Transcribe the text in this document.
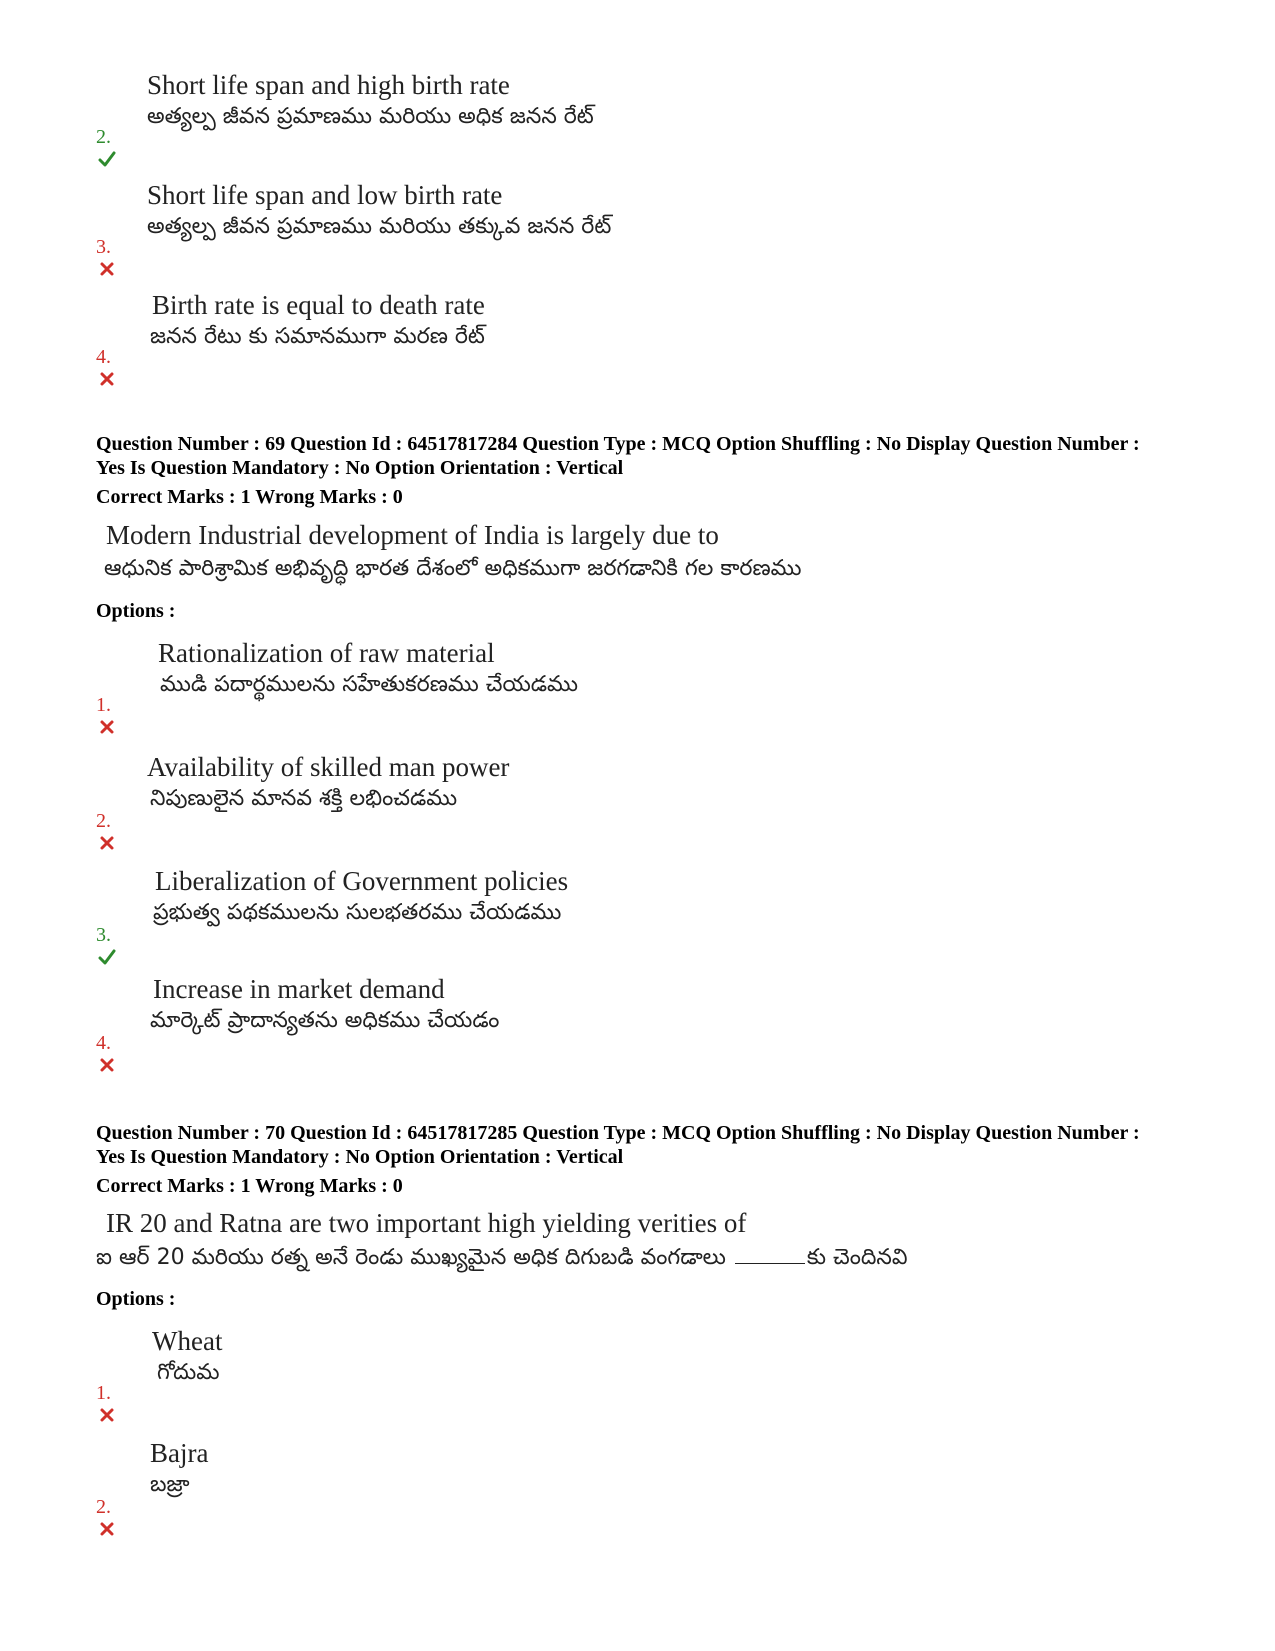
Short life span and high birth rate
అత్యల్ప జీవన ప్రమాణము మరియు అధిక జనన రేట్
2.
Short life span and low birth rate
అత్యల్ప జీవన ప్రమాణము మరియు తక్కువ జనన రేట్
3.
Birth rate is equal to death rate
జనన రేటు కు సమానముగా మరణ రేట్
4.
Question Number : 69 Question Id : 64517817284 Question Type : MCQ Option Shuffling : No Display Question Number :
Yes Is Question Mandatory : No Option Orientation : Vertical
Correct Marks : 1 Wrong Marks : 0
Modern Industrial development of India is largely due to
ఆధునిక పారిశ్రామిక అభివృద్ధి భారత దేశంలో అధికముగా జరగడానికి గల కారణము
Options :
Rationalization of raw material
ముడి పదార్థములను సహేతుకరణము చేయడము
1.
Availability of skilled man power
నిపుణులైన మానవ శక్తి లభించడము
2.
Liberalization of Government policies
ప్రభుత్వ పథకములను సులభతరము చేయడము
3.
Increase in market demand
మార్కెట్ ప్రాదాన్యతను అధికము చేయడం
4.
Question Number : 70 Question Id : 64517817285 Question Type : MCQ Option Shuffling : No Display Question Number :
Yes Is Question Mandatory : No Option Orientation : Vertical
Correct Marks : 1 Wrong Marks : 0
IR 20 and Ratna are two important high yielding verities of
ఐ ఆర్ 20 మరియు రత్న అనే రెండు ముఖ్యమైన అధిక దిగుబడి వంగడాలు	కు చెందినవి
Options :
Wheat
గోదుమ
1.
Bajra
బజ్రా
2.
